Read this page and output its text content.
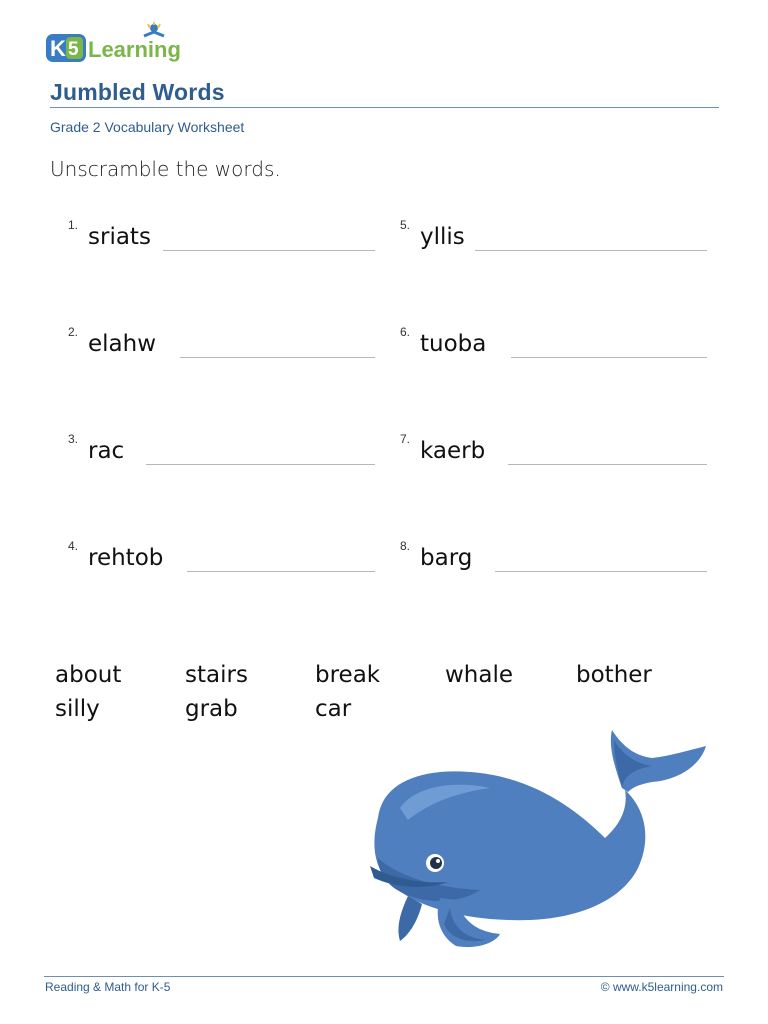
K 5 Learning
Jumbled Words
Grade 2 Vocabulary Worksheet
Unscramble the words.
1. sriats
2. elahw
3. rac
4. rehtob
5. yllis
6. tuoba
7. kaerb
8. barg
about	stairs	break	whale	bother
silly	grab	car
Reading & Math for K-5	© www.k5learning.com
